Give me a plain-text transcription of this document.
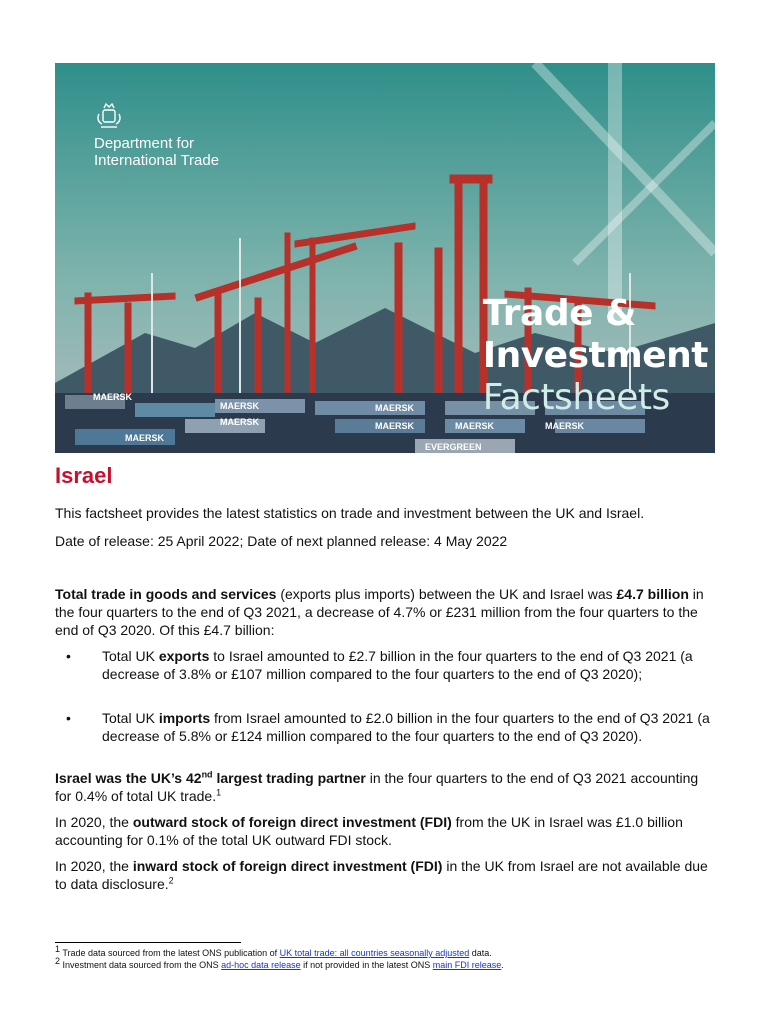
MAERSK
MAERSK
MAERSK
MAERSK
MAERSK	MAERSK	MAERSK
MAERSK
EVERGREEN
Department for
International Trade
Trade &
Investment
Factsheets
Israel
This factsheet provides the latest statistics on trade and investment between the UK and Israel.
Date of release: 25 April 2022; Date of next planned release: 4 May 2022
Total trade in goods and services (exports plus imports) between the UK and Israel was £4.7 billion in the four quarters to the end of Q3 2021, a decrease of 4.7% or £231 million from the four quarters to the end of Q3 2020. Of this £4.7 billion:
• Total UK exports to Israel amounted to £2.7 billion in the four quarters to the end of Q3 2021 (a decrease of 3.8% or £107 million compared to the four quarters to the end of Q3 2020);
• Total UK imports from Israel amounted to £2.0 billion in the four quarters to the end of Q3 2021 (a decrease of 5.8% or £124 million compared to the four quarters to the end of Q3 2020).
Israel was the UK’s 42nd largest trading partner in the four quarters to the end of Q3 2021 accounting for 0.4% of total UK trade.$^1$
In 2020, the outward stock of foreign direct investment (FDI) from the UK in Israel was £1.0 billion accounting for 0.1% of the total UK outward FDI stock.
In 2020, the inward stock of foreign direct investment (FDI) in the UK from Israel are not available due to data disclosure.$^2$
$^1$ Trade data sourced from the latest ONS publication of UK total trade: all countries seasonally adjusted data.
$^2$ Investment data sourced from the ONS ad-hoc data release if not provided in the latest ONS main FDI release.
